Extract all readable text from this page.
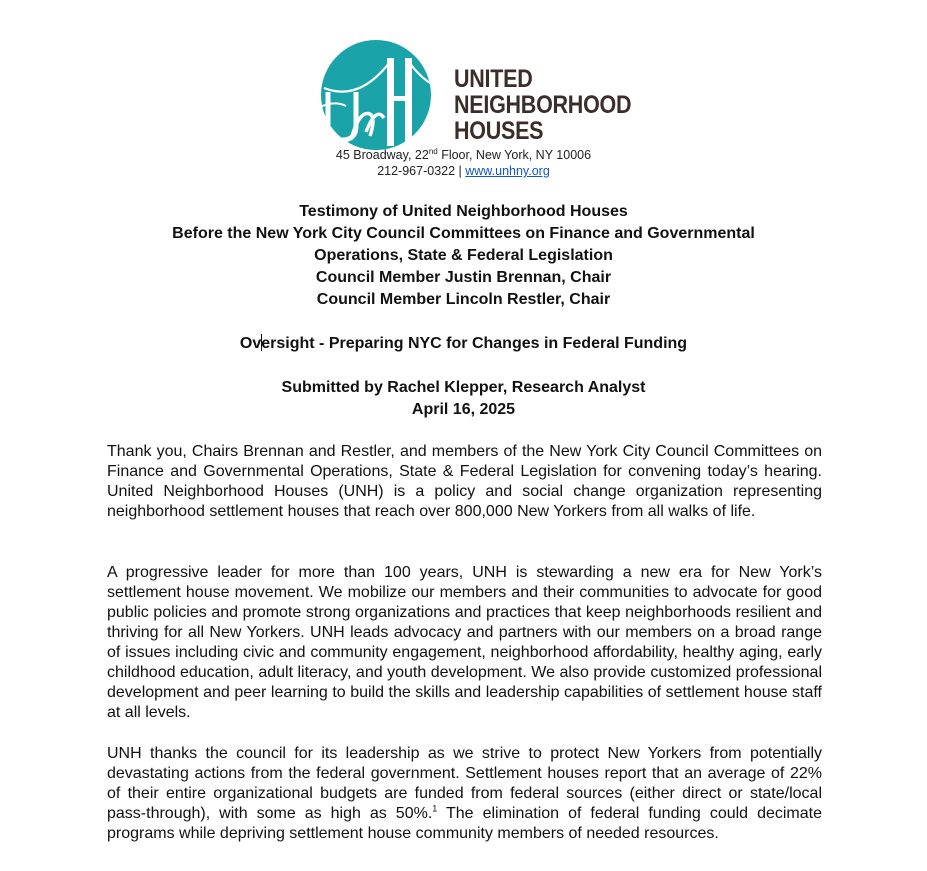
UNITED
NEIGHBORHOOD
HOUSES
45 Broadway, 22nd Floor, New York, NY 10006
212-967-0322 | www.unhny.org
Testimony of United Neighborhood Houses
Before the New York City Council Committees on Finance and Governmental
Operations, State & Federal Legislation
Council Member Justin Brennan, Chair
Council Member Lincoln Restler, Chair
Oversight - Preparing NYC for Changes in Federal Funding
Submitted by Rachel Klepper, Research Analyst
April 16, 2025
Thank you, Chairs Brennan and Restler, and members of the New York City Council Committees on Finance and Governmental Operations, State & Federal Legislation for convening today’s hearing. United Neighborhood Houses (UNH) is a policy and social change organization representing neighborhood settlement houses that reach over 800,000 New Yorkers from all walks of life.
A progressive leader for more than 100 years, UNH is stewarding a new era for New York’s settlement house movement. We mobilize our members and their communities to advocate for good public policies and promote strong organizations and practices that keep neighborhoods resilient and thriving for all New Yorkers. UNH leads advocacy and partners with our members on a broad range of issues including civic and community engagement, neighborhood affordability, healthy aging, early childhood education, adult literacy, and youth development. We also provide customized professional development and peer learning to build the skills and leadership capabilities of settlement house staff at all levels.
UNH thanks the council for its leadership as we strive to protect New Yorkers from potentially devastating actions from the federal government. Settlement houses report that an average of 22% of their entire organizational budgets are funded from federal sources (either direct or state/local pass-through), with some as high as 50%.$^1$ The elimination of federal funding could decimate programs while depriving settlement house community members of needed resources.
